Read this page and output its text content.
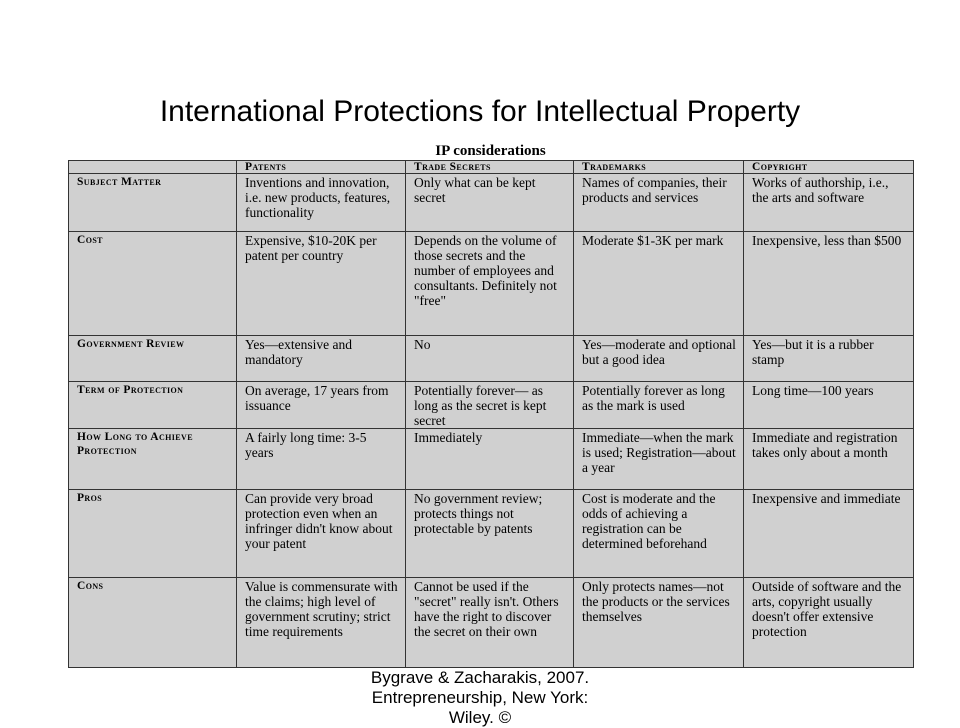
International Protections for Intellectual Property
IP considerations
	Patents	Trade Secrets	Trademarks	Copyright
Subject Matter	Inventions and innovation, i.e. new products, features, functionality	Only what can be kept secret	Names of companies, their products and services	Works of authorship, i.e., the arts and software
Cost	Expensive, $10-20K per patent per country	Depends on the volume of those secrets and the number of employees and consultants. Definitely not "free"	Moderate $1-3K per mark	Inexpensive, less than $500
Government Review	Yes—extensive and mandatory	No	Yes—moderate and optional but a good idea	Yes—but it is a rubber stamp
Term of Protection	On average, 17 years from issuance	Potentially forever— as long as the secret is kept secret	Potentially forever as long as the mark is used	Long time—100 years
How Long to Achieve Protection	A fairly long time: 3-5 years	Immediately	Immediate—when the mark is used; Registration—about a year	Immediate and registration takes only about a month
Pros	Can provide very broad protection even when an infringer didn't know about your patent	No government review; protects things not protectable by patents	Cost is moderate and the odds of achieving a registration can be determined beforehand	Inexpensive and immediate
Cons	Value is commensurate with the claims; high level of government scrutiny; strict time requirements	Cannot be used if the "secret" really isn't. Others have the right to discover the secret on their own	Only protects names—not the products or the services themselves	Outside of software and the arts, copyright usually doesn't offer extensive protection
Bygrave & Zacharakis, 2007.
Entrepreneurship, New York:
Wiley. ©
